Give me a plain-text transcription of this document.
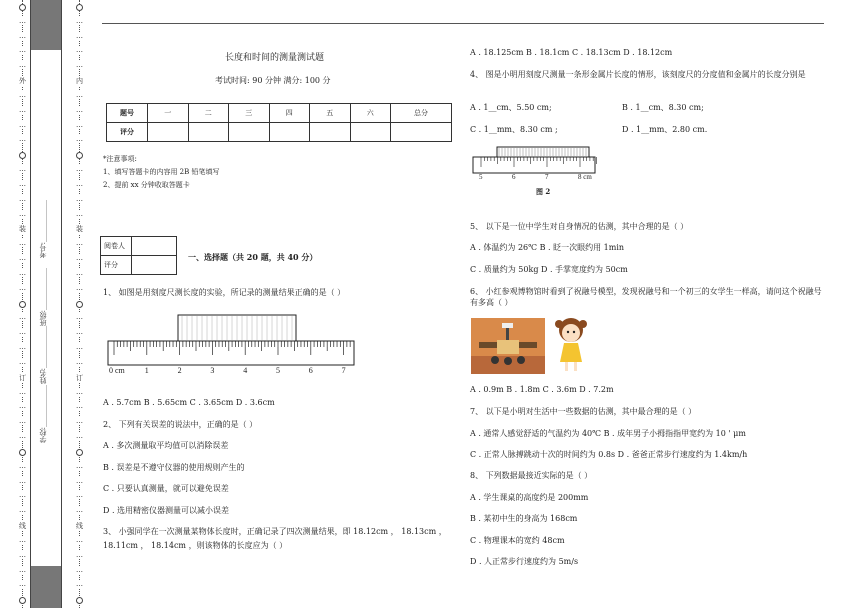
…
…
…
…
外
…
…
…
…
…
…
…
…
装
…
…
…
…
…
…
…
…
订
…
…
…
…
…
…
…
…
线
…
…
…
…
…
…
…
…
内
…
…
…
…
…
…
…
…
装
…
…
…
…
…
…
…
…
订
…
…
…
…
…
…
…
…
线
…
…
…
…
学校:____________
姓名:____________
班级:____________
考号:____________
长度和时间的测量测试题
考试时间: 90 分钟 满分: 100 分
题号	一	二	三	四	五	六	总分
评分							
*注意事项:
1、填写答题卡的内容用 2B 铅笔填写
2、提前 xx 分钟收取答题卡
阅卷人	
评分	
一、选择题（共 20 题，共 40 分）
1、 如图是用刻度尺测长度的实验，所记录的测量结果正确的是（ ）
0 cm	1	2	3	4	5	6	7
A . 5.7cm B . 5.65cm C . 3.65cm D . 3.6cm
2、 下列有关误差的说法中，正确的是（ ）
A . 多次测量取平均值可以消除误差
B . 误差是不遵守仪器的使用规则产生的
C . 只要认真测量，就可以避免误差
D . 选用精密仪器测量可以减小误差
3、 小强同学在一次测量某物体长度时，正确记录了四次测量结果，即 18.12cm ， 18.13cm ， 18.11cm ， 18.14cm ，则该物体的长度应为（ ）
A . 18.125cm B . 18.1cm C . 18.13cm D . 18.12cm
4、 图是小明用刻度尺测量一条形金属片长度的情形，该刻度尺的分度值和金属片的长度分别是
A . 1__cm、5.50 cm;	B . 1__cm、8.30 cm;
C . 1__mm、8.30 cm ;	D . 1__mm、2.80 cm.
5	6	7	8 cm
图 2
5、 以下是一位中学生对自身情况的估测，其中合理的是（ ）
A . 体温约为 26℃ B . 眨一次眼约用 1min
C . 质量约为 50kg D . 手掌宽度约为 50cm
6、 小红参观博物馆时看到了祝融号模型，发现祝融号和一个初三的女学生一样高，请问这个祝融号有多高（ ）
A . 0.9m B . 1.8m C . 3.6m D . 7.2m
7、 以下是小明对生活中一些数据的估测，其中最合理的是（ ）
A . 通常人感觉舒适的气温约为 40℃ B . 成年男子小拇指指甲宽约为 10 ' μm
C . 正常人脉搏跳动十次的时间约为 0.8s D . 爸爸正常步行速度约为 1.4km/h
8、 下列数据最接近实际的是（ ）
A . 学生课桌的高度约是 200mm
B . 某初中生的身高为 168cm
C . 物理课本的宽约 48cm
D . 人正常步行速度约为 5m/s
